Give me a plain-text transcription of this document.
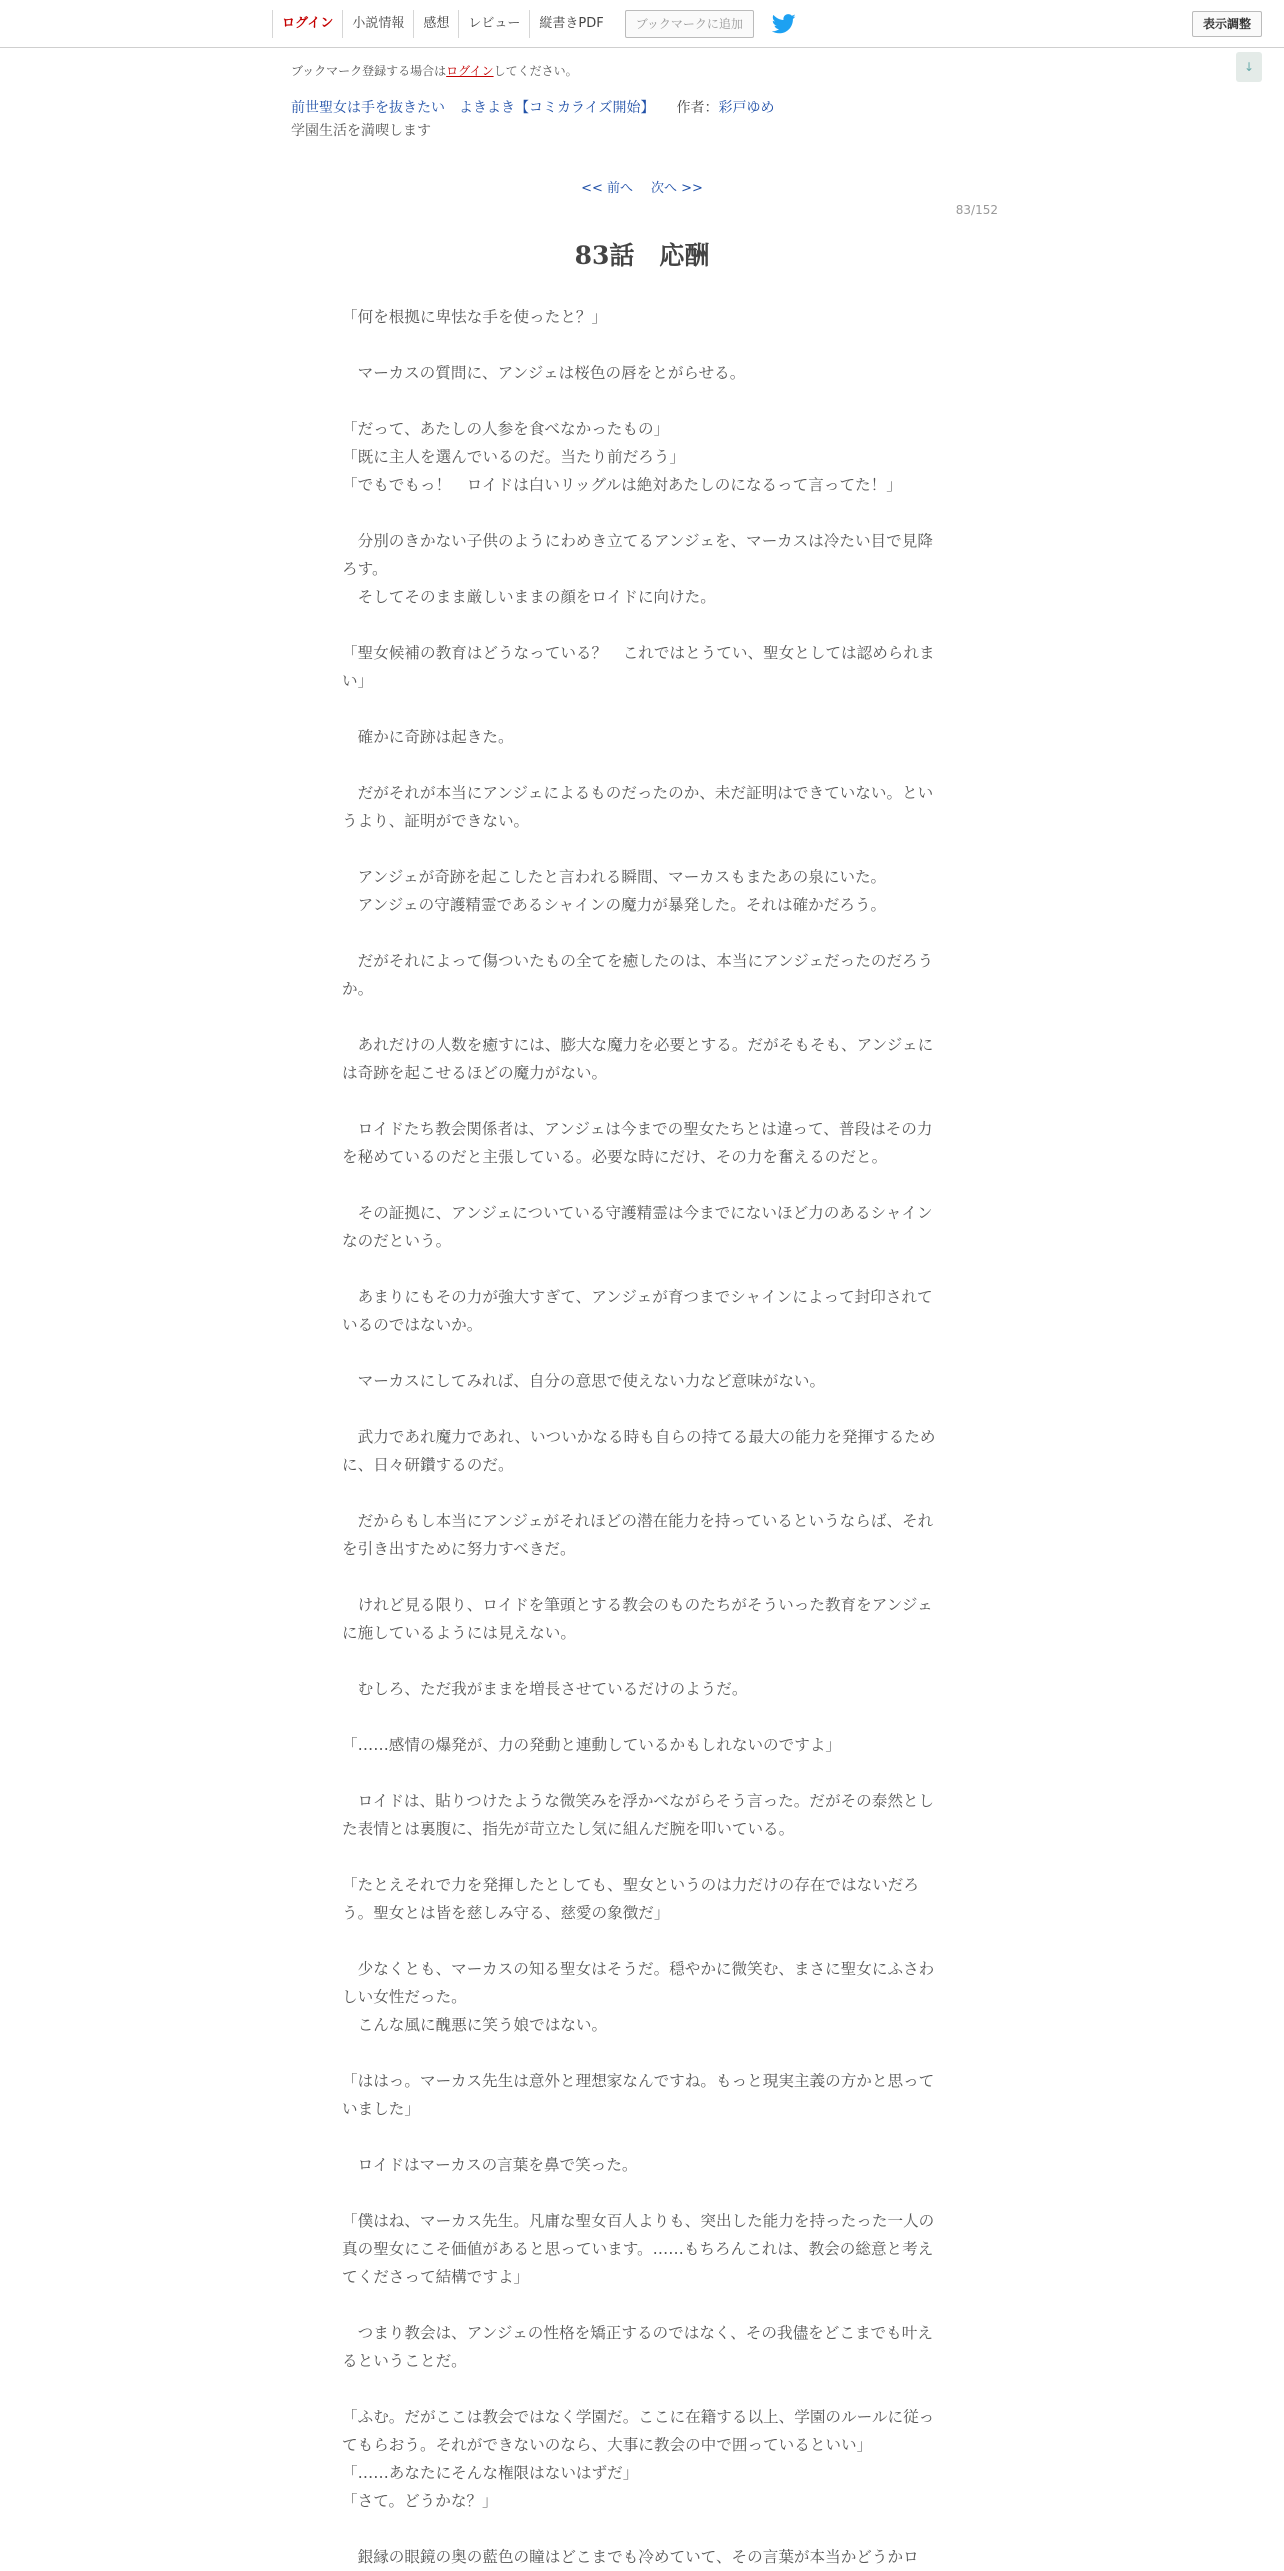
ログイン	小説情報	感想	レビュー	縦書きPDF	ブックマークに追加	表示調整
↓
ブックマーク登録する場合はログインしてください。
前世聖女は手を抜きたい　よきよき【コミカライズ開始】 作者：彩戸ゆめ
学園生活を満喫します
<< 前へ 次へ >>
83/152
83話　応酬

「何を根拠に卑怯な手を使ったと？」

　マーカスの質問に、アンジェは桜色の唇をとがらせる。

「だって、あたしの人参を食べなかったもの」

「既に主人を選んでいるのだ。当たり前だろう」

「でもでもっ！　ロイドは白いリッグルは絶対あたしのになるって言ってた！」

　分別のきかない子供のようにわめき立てるアンジェを、マーカスは冷たい目で見降ろす。

　そしてそのまま厳しいままの顔をロイドに向けた。

「聖女候補の教育はどうなっている？　これではとうてい、聖女としては認められまい」

　確かに奇跡は起きた。

　だがそれが本当にアンジェによるものだったのか、未だ証明はできていない。というより、証明ができない。

　アンジェが奇跡を起こしたと言われる瞬間、マーカスもまたあの泉にいた。

　アンジェの守護精霊であるシャインの魔力が暴発した。それは確かだろう。

　だがそれによって傷ついたもの全てを癒したのは、本当にアンジェだったのだろうか。

　あれだけの人数を癒すには、膨大な魔力を必要とする。だがそもそも、アンジェには奇跡を起こせるほどの魔力がない。

　ロイドたち教会関係者は、アンジェは今までの聖女たちとは違って、普段はその力を秘めているのだと主張している。必要な時にだけ、その力を奮えるのだと。

　その証拠に、アンジェについている守護精霊は今までにないほど力のあるシャインなのだという。

　あまりにもその力が強大すぎて、アンジェが育つまでシャインによって封印されているのではないか。

　マーカスにしてみれば、自分の意思で使えない力など意味がない。

　武力であれ魔力であれ、いついかなる時も自らの持てる最大の能力を発揮するために、日々研鑽するのだ。

　だからもし本当にアンジェがそれほどの潜在能力を持っているというならば、それを引き出すために努力すべきだ。

　けれど見る限り、ロイドを筆頭とする教会のものたちがそういった教育をアンジェに施しているようには見えない。

　むしろ、ただ我がままを増長させているだけのようだ。

「……感情の爆発が、力の発動と連動しているかもしれないのですよ」

　ロイドは、貼りつけたような微笑みを浮かべながらそう言った。だがその泰然とした表情とは裏腹に、指先が苛立たし気に組んだ腕を叩いている。

「たとえそれで力を発揮したとしても、聖女というのは力だけの存在ではないだろう。聖女とは皆を慈しみ守る、慈愛の象徴だ」

　少なくとも、マーカスの知る聖女はそうだ。穏やかに微笑む、まさに聖女にふさわしい女性だった。

　こんな風に醜悪に笑う娘ではない。

「ははっ。マーカス先生は意外と理想家なんですね。もっと現実主義の方かと思っていました」

　ロイドはマーカスの言葉を鼻で笑った。

「僕はね、マーカス先生。凡庸な聖女百人よりも、突出した能力を持ったった一人の真の聖女にこそ価値があると思っています。……もちろんこれは、教会の総意と考えてくださって結構ですよ」

　つまり教会は、アンジェの性格を矯正するのではなく、その我儘をどこまでも叶えるということだ。

「ふむ。だがここは教会ではなく学園だ。ここに在籍する以上、学園のルールに従ってもらおう。それができないのなら、大事に教会の中で囲っているといい」

「……あなたにそんな権限はないはずだ」

「さて。どうかな？」

　銀縁の眼鏡の奥の藍色の瞳はどこまでも冷めていて、その言葉が本当かどうかロ
